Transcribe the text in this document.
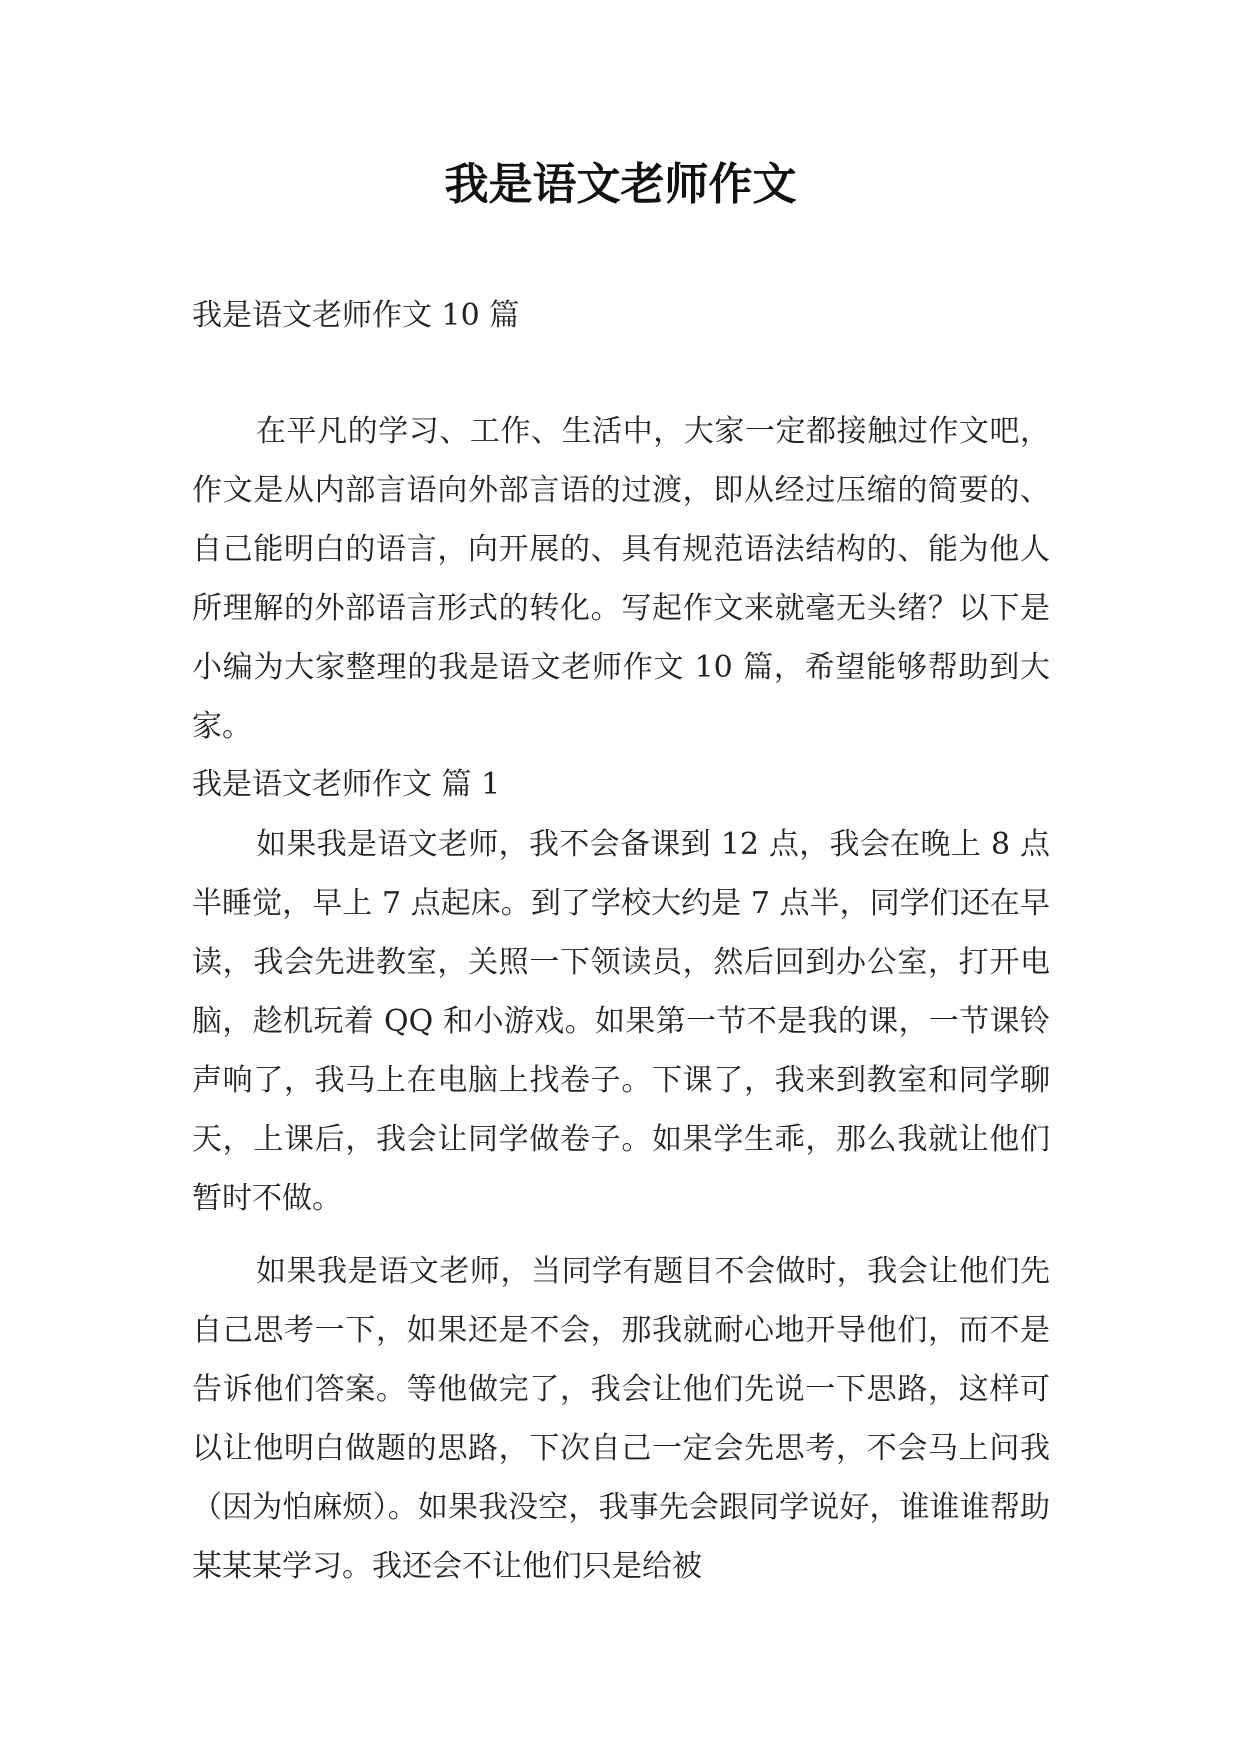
我是语文老师作文
我是语文老师作文 10 篇

在平凡的学习、工作、生活中，大家一定都接触过作文吧，作文是从内部言语向外部言语的过渡，即从经过压缩的简要的、自己能明白的语言，向开展的、具有规范语法结构的、能为他人所理解的外部语言形式的转化。写起作文来就毫无头绪？以下是小编为大家整理的我是语文老师作文 10 篇，希望能够帮助到大家。

我是语文老师作文 篇 1

如果我是语文老师，我不会备课到 12 点，我会在晚上 8 点半睡觉，早上 7 点起床。到了学校大约是 7 点半，同学们还在早读，我会先进教室，关照一下领读员，然后回到办公室，打开电脑，趁机玩着 QQ 和小游戏。如果第一节不是我的课，一节课铃声响了，我马上在电脑上找卷子。下课了，我来到教室和同学聊天，上课后，我会让同学做卷子。如果学生乖，那么我就让他们暂时不做。

如果我是语文老师，当同学有题目不会做时，我会让他们先自己思考一下，如果还是不会，那我就耐心地开导他们，而不是告诉他们答案。等他做完了，我会让他们先说一下思路，这样可以让他明白做题的思路，下次自己一定会先思考，不会马上问我（因为怕麻烦）。如果我没空，我事先会跟同学说好，谁谁谁帮助某某某学习。我还会不让他们只是给被
